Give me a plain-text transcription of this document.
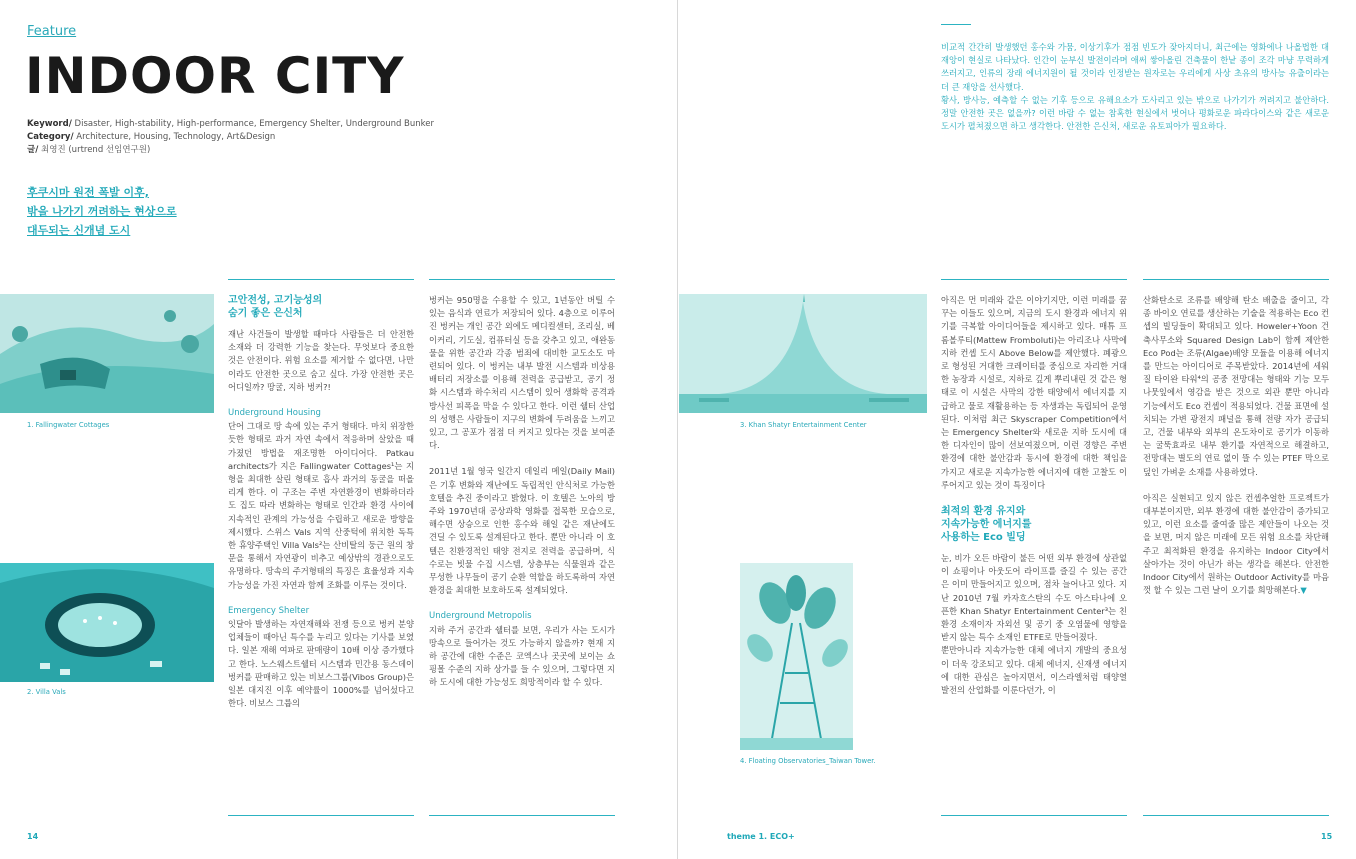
Feature
INDOOR CITY
Keyword/ Disaster, High-stability, High-performance, Emergency Shelter, Underground Bunker
Category/ Architecture, Housing, Technology, Art&Design
글/ 최영진 (urtrend 선임연구원)
후쿠시마 원전 폭발 이후,
밖을 나가기 꺼려하는 현상으로
대두되는 신개념 도시
1. Fallingwater Cottages
2. Villa Vals
고안전성, 고기능성의
숨기 좋은 은신처

재난 사건들이 발생할 때마다 사람들은 더 안전한 소재와 더 강력한 기능을 찾는다. 무엇보다 중요한 것은 안전이다. 위험 요소를 제거할 수 없다면, 나만이라도 안전한 곳으로 숨고 싶다. 가장 안전한 곳은 어디일까? 땅굴, 지하 벙커?!

Underground Housing

단어 그대로 땅 속에 있는 주거 형태다. 마치 위장한 듯한 형태로 과거 자연 속에서 적응하며 살았을 때 가졌던 방법을 재조명한 아이디어다. Patkau architects가 지은 Fallingwater Cottages¹는 지형을 최대한 살린 형태로 흡사 과거의 동굴을 떠올리게 한다. 이 구조는 주변 자연환경이 변화하더라도 집도 따라 변화하는 형태로 인간과 환경 사이에 지속적인 관계의 가능성을 수립하고 새로운 방향을 제시했다. 스위스 Vals 지역 산중턱에 위치한 독특한 휴양주택인 Villa Vals²는 산비탈의 둥근 원의 창문을 통해서 자연광이 비추고 예상밖의 경관으로도 유명하다. 땅속의 주거형태의 특징은 효율성과 지속가능성을 가진 자연과 함께 조화를 이루는 것이다.

Emergency Shelter

잇달아 발생하는 자연재해와 전쟁 등으로 벙커 분양 업체들이 때아닌 특수를 누리고 있다는 기사를 보였다. 일본 재해 여파로 판매량이 10배 이상 증가했다고 한다. 노스웨스트쉘터 시스템과 민간용 동스데이 벙커를 판매하고 있는 비보스그룹(Vibos Group)은 일본 대지진 이후 예약률이 1000%를 넘어섰다고 한다. 비보스 그룹의

벙커는 950명을 수용할 수 있고, 1년동안 버틸 수 있는 음식과 연료가 저장되어 있다. 4층으로 이루어진 벙커는 개인 공간 외에도 메디컬센터, 조리실, 베이커리, 기도실, 컴퓨터실 등을 갖추고 있고, 애완동물을 위한 공간과 각종 범죄에 대비한 교도소도 마련되어 있다. 이 벙커는 내부 발전 시스템과 비상용 배터리 저장소를 이용해 전력을 공급받고, 공기 정화 시스템과 하수처리 시스템이 있어 생화학 공격과 방사선 피폭을 막을 수 있다고 한다. 이런 쉘터 산업의 성행은 사람들이 지구의 변화에 두려움을 느끼고 있고, 그 공포가 점점 더 커지고 있다는 것을 보여준다.

2011년 1월 영국 일간지 데일리 메일(Daily Mail)은 기후 변화와 재난에도 독립적인 안식처로 가능한 호텔을 추진 중이라고 밝혔다. 이 호텔은 노아의 방주와 1970년대 공상과학 영화를 접목한 모습으로, 해수면 상승으로 인한 홍수와 해일 같은 재난에도 견딜 수 있도록 설계된다고 한다. 뿐만 아니라 이 호텔은 친환경적인 태양 전지로 전력을 공급하며, 식수로는 빗물 수집 시스템, 상층부는 식물원과 같은 무성한 나무들이 공기 순환 역할을 하도록하여 자연환경을 최대한 보호하도록 설계되었다.

Underground Metropolis

지하 주거 공간과 쉘터를 보면, 우리가 사는 도시가 땅속으로 들어가는 것도 가능하지 않을까? 현재 지하 공간에 대한 수준은 코엑스나 곳곳에 보이는 쇼핑몰 수준의 지하 상가를 들 수 있으며, 그렇다면 지하 도시에 대한 가능성도 희망적이라 할 수 있다.

14

비교적 간간히 발생했던 홍수와 가뭄, 이상기후가 점점 빈도가 잦아지더니, 최근에는 영화에나 나올법한 대재앙이 현실로 나타났다. 인간이 눈부신 발전이라며 애써 쌓아올린 건축물이 한낱 종이 조각 마냥 무력하게 쓰러지고, 인류의 장래 에너지원이 될 것이라 인정받는 원자로는 우리에게 사상 초유의 방사능 유출이라는 더 큰 재앙을 선사했다.

황사, 방사능, 예측할 수 없는 기후 등으로 유해요소가 도사리고 있는 밖으로 나가기가 꺼려지고 불안하다. 정말 안전한 곳은 없을까? 이런 바람 수 없는 참혹한 현실에서 벗어나 평화로운 파라다이스와 같은 새로운 도시가 펼쳐졌으면 하고 생각한다. 안전한 은신처, 새로운 유토피아가 필요하다.

3. Khan Shatyr Entertainment Center
4. Floating Observatories_Taiwan Tower.

아직은 먼 미래와 같은 이야기지만, 이런 미래를 꿈꾸는 이들도 있으며, 지금의 도시 환경과 에너지 위기를 극복할 아이디어들을 제시하고 있다. 매튜 프롬볼루티(Mattew Fromboluti)는 아리조나 사막에 지하 컨셉 도시 Above Below를 제안했다. 폐광으로 형성된 거대한 크레이터를 중심으로 자리한 거대한 농장과 시설로, 지하로 깊게 뿌리내린 것 같은 형태로 이 시설은 사막의 강한 태양에서 에너지를 지급하고 물로 재활용하는 등 자생과는 독립되어 운영된다. 이처럼 최근 Skyscraper Competition에서는 Emergency Shelter와 새로운 지하 도시에 대한 디자인이 많이 선보여졌으며, 이런 경향은 주변 환경에 대한 불안감과 동시에 환경에 대한 책임을 가지고 새로운 지속가능한 에너지에 대한 고찰도 이루어지고 있는 것이 특징이다

최적의 환경 유지와
지속가능한 에너지를
사용하는 Eco 빌딩

눈, 비가 오든 바람이 불든 어떤 외부 환경에 상관없이 쇼핑이나 아웃도어 라이프를 즐길 수 있는 공간은 이미 만들어지고 있으며, 점차 늘어나고 있다. 지난 2010년 7월 카자흐스탄의 수도 아스타나에 오픈한 Khan Shatyr Entertainment Center³는 친환경 소재이자 자외선 및 공기 중 오염물에 영향을 받지 않는 특수 소재인 ETFE로 만들어졌다.

뿐만아니라 지속가능한 대체 에너지 개발의 중요성이 더욱 강조되고 있다. 대체 에너지, 신재생 에너지에 대한 관심은 높아지면서, 이스라엘처럼 태양열 발전의 산업화를 이룬다던가, 이

산화탄소로 조류를 배양해 탄소 배출을 줄이고, 각종 바이오 연료를 생산하는 기술을 적용하는 Eco 컨셉의 빌딩들이 확대되고 있다. Howeler+Yoon 건축사무소와 Squared Design Lab이 함께 제안한 Eco Pod는 조류(Algae)배양 모듈을 이용해 에너지를 만드는 아이디어로 주목받았다. 2014년에 세워질 타이완 타워⁴의 공중 전망대는 형태와 기능 모두 나뭇잎에서 영감을 받은 것으로 외관 뿐만 아니라 기능에서도 Eco 컨셉이 적용되었다. 건물 표면에 설치되는 가변 광전지 패널을 통해 전량 자가 공급되고, 건물 내부와 외부의 온도차이로 공기가 이동하는 굴뚝효과로 내부 환기를 자연적으로 해결하고, 전망대는 별도의 연료 없이 뜰 수 있는 PTEF 막으로 덮인 가벼운 소재를 사용하였다.

아직은 실현되고 있지 않은 컨셉추얼한 프로젝트가 대부분이지만, 외부 환경에 대한 불안감이 증가되고 있고, 이런 요소를 줄여줄 많은 제안들이 나오는 것을 보면, 머지 않은 미래에 모든 위험 요소를 차단해주고 최적화된 환경을 유지하는 Indoor City에서 살아가는 것이 아닌가 하는 생각을 해본다. 안전한 Indoor City에서 원하는 Outdoor Activity를 마음껏 할 수 있는 그런 날이 오기를 희망해본다.▼

theme 1. ECO+	15
